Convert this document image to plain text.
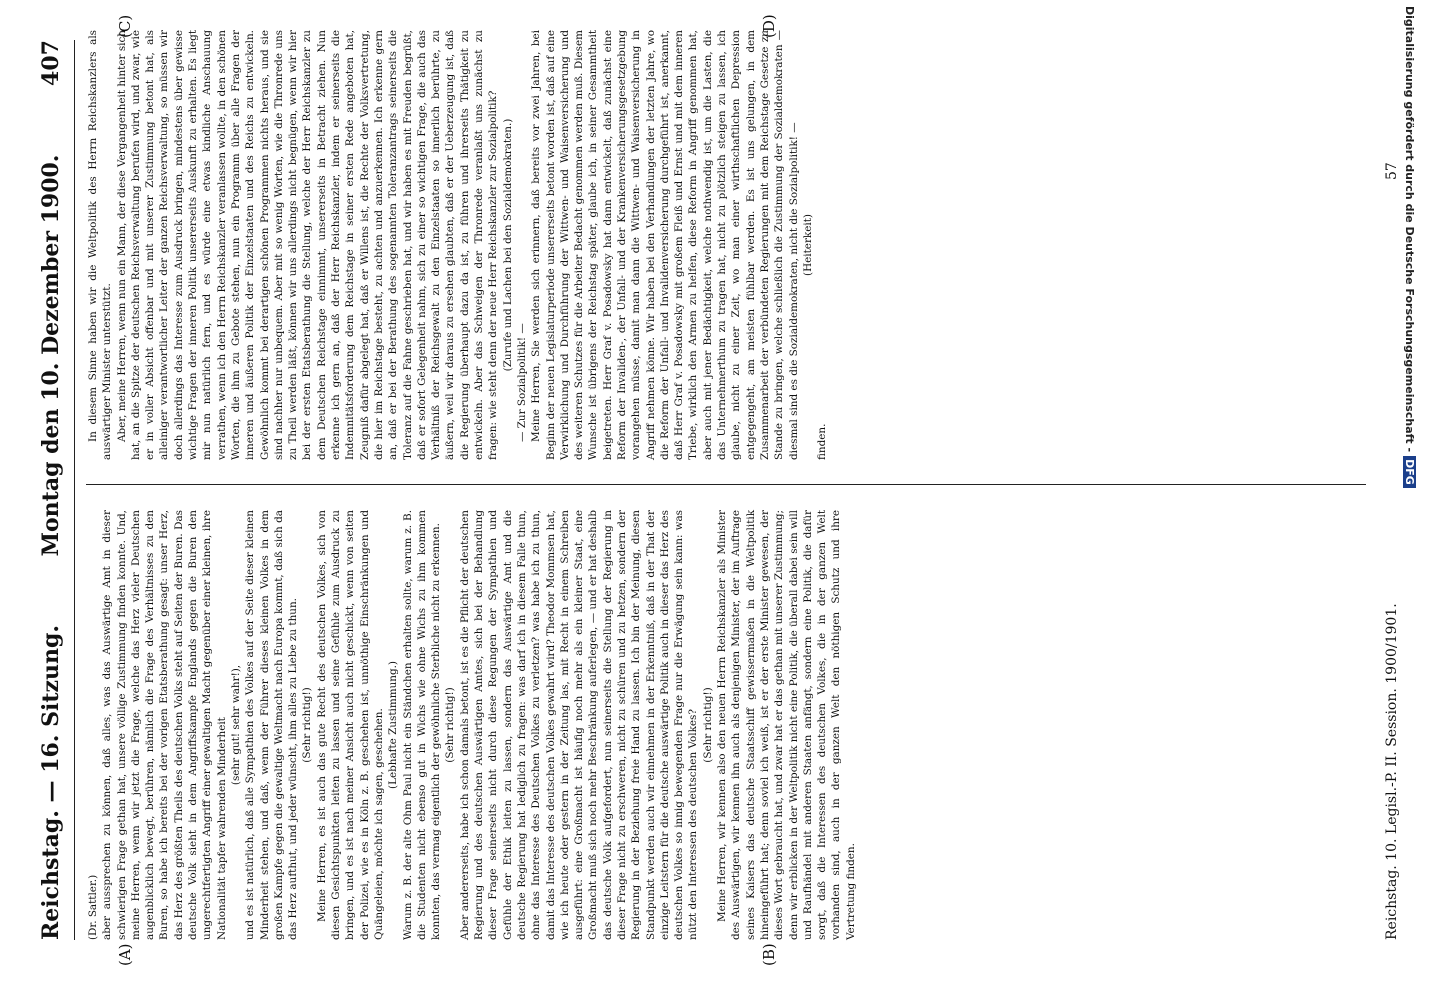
Reichstag. — 16. Sitzung.
Montag den 10. Dezember 1900.
407
(A)	(B)
(C)	(D)

(Dr. Sattler.) aber aussprechen zu können, daß alles, was das Auswärtige Amt in dieser schwierigen Frage gethan hat, unsere völlige Zustimmung finden konnte. Und, meine Herren, wenn wir jetzt die Frage, welche das Herz vieler Deutschen augenblicklich bewegt, berühren, nämlich die Frage des Verhältnisses zu den Buren, so habe ich bereits bei der vorigen Etatsberathung gesagt: unser Herz, das Herz des größten Theils des deutschen Volks steht auf Seiten der Buren. Das deutsche Volk sieht in dem Angriffskampfe Englands gegen die Buren den ungerechtfertigten Angriff einer gewaltigen Macht gegenüber einer kleinen, ihre Nationalität tapfer wahrenden Minderheit (sehr gut! sehr wahr!), und es ist natürlich, daß alle Sympathien des Volkes auf der Seite dieser kleinen Minderheit stehen, und daß, wenn der Führer dieses kleinen Volkes in dem großen Kampfe gegen die gewaltige Weltmacht nach Europa kommt, daß sich da das Herz aufthut, und jeder wünscht, ihm alles zu Liebe zu thun. (Sehr richtig!) Meine Herren, es ist auch das gute Recht des deutschen Volkes, sich von diesen Gesichtspunkten leiten zu lassen und seine Gefühle zum Ausdruck zu bringen, und es ist nach meiner Ansicht auch nicht geschickt, wenn von seiten der Polizei, wie es in Köln z. B. geschehen ist, unnöthige Einschränkungen und Quängeleien, möchte ich sagen, geschehen. (Lebhafte Zustimmung.) Warum z. B. der alte Ohm Paul nicht ein Ständchen erhalten sollte, warum z. B. die Studenten nicht ebenso gut in Wichs wie ohne Wichs zu ihm kommen konnten, das vermag eigentlich der gewöhnliche Sterbliche nicht zu erkennen. (Sehr richtig!) Aber andererseits, habe ich schon damals betont, ist es die Pflicht der deutschen Regierung und des deutschen Auswärtigen Amtes, sich bei der Behandlung dieser Frage seinerseits nicht durch diese Regungen der Sympathien und Gefühle der Ethik leiten zu lassen, sondern das Auswärtige Amt und die deutsche Regierung hat lediglich zu fragen: was darf ich in diesem Falle thun, ohne das Interesse des Deutschen Volkes zu verletzen? was habe ich zu thun, damit das Interesse des deutschen Volkes gewahrt wird? Theodor Mommsen hat, wie ich heute oder gestern in der Zeitung las, mit Recht in einem Schreiben ausgeführt: eine Großmacht ist häufig noch mehr als ein kleiner Staat, eine Großmacht muß sich noch mehr Beschränkung auferlegen, — und er hat deshalb das deutsche Volk aufgefordert, nun seinerseits die Stellung der Regierung in dieser Frage nicht zu erschweren, nicht zu schüren und zu hetzen, sondern der Regierung in der Beziehung freie Hand zu lassen. Ich bin der Meinung, diesen Standpunkt werden auch wir einnehmen in der Erkenntniß, daß in der That der einzige Leitstern für die deutsche auswärtige Politik auch in dieser das Herz des deutschen Volkes so innig bewegenden Frage nur die Erwägung sein kann: was nützt den Interessen des deutschen Volkes? (Sehr richtig!) Meine Herren, wir kennen also den neuen Herrn Reichskanzler als Minister des Auswärtigen, wir kennen ihn auch als denjenigen Minister, der im Auftrage seines Kaisers das deutsche Staatsschiff gewissermaßen in die Weltpolitik hineingeführt hat; denn soviel ich weiß, ist er der erste Minister gewesen, der dieses Wort gebraucht hat, und zwar hat er das gethan mit unserer Zustimmung; denn wir erblicken in der Weltpolitik nicht eine Politik, die überall dabei sein will und Raufhändel mit anderen Staaten anfängt, sondern eine Politik, die dafür sorgt, daß die Interessen des deutschen Volkes, die in der ganzen Welt vorhanden sind, auch in der ganzen Welt den nöthigen Schutz und ihre Vertretung finden.

In diesem Sinne haben wir die Weltpolitik des Herrn Reichskanzlers als auswärtiger Minister unterstützt. Aber, meine Herren, wenn nun ein Mann, der diese Vergangenheit hinter sich hat, an die Spitze der deutschen Reichsverwaltung berufen wird, und zwar, wie er in voller Absicht offenbar und mit unserer Zustimmung betont hat, als alleiniger verantwortlicher Leiter der ganzen Reichsverwaltung, so müssen wir doch allerdings das Interesse zum Ausdruck bringen, mindestens über gewisse wichtige Fragen der inneren Politik unsererseits Auskunft zu erhalten. Es liegt mir nun natürlich fern, und es würde eine etwas kindliche Anschauung verrathen, wenn ich den Herrn Reichskanzler veranlassen wollte, in den schönen Worten, die ihm zu Gebote stehen, nun ein Programm über alle Fragen der inneren und äußeren Politik der Einzelstaaten und des Reichs zu entwickeln. Gewöhnlich kommt bei derartigen schönen Programmen nichts heraus, und sie sind nachher nur unbequem. Aber mit so wenig Worten, wie die Thronrede uns zu Theil werden läßt, können wir uns allerdings nicht begnügen, wenn wir hier bei der ersten Etatsberathung die Stellung, welche der Herr Reichskanzler zu dem Deutschen Reichstage einnimmt, unsererseits in Betracht ziehen. Nun erkenne ich gern an, daß der Herr Reichskanzler, indem er seinerseits die Indemnitätsforderung dem Reichstage in seiner ersten Rede angeboten hat, Zeugniß dafür abgelegt hat, daß er Willens ist, die Rechte der Volksvertretung, die hier im Reichstage besteht, zu achten und anzuerkennen. Ich erkenne gern an, daß er bei der Berathung des sogenannten Toleranzantrags seinerseits die Toleranz auf die Fahne geschrieben hat, und wir haben es mit Freuden begrüßt, daß er sofort Gelegenheit nahm, sich zu einer so wichtigen Frage, die auch das Verhältniß der Reichsgewalt zu den Einzelstaaten so innerlich berührte, zu äußern, weil wir daraus zu ersehen glaubten, daß er der Ueberzeugung ist, daß die Regierung überhaupt dazu da ist, zu führen und ihrerseits Thätigkeit zu entwickeln. Aber das Schweigen der Thronrede veranlaßt uns zunächst zu fragen: wie steht denn der neue Herr Reichskanzler zur Sozialpolitik? (Zurufe und Lachen bei den Sozialdemokraten.)

— Zur Sozialpolitik! — Meine Herren, Sie werden sich erinnern, daß bereits vor zwei Jahren, bei Beginn der neuen Legislaturperiode unsererseits betont worden ist, daß auf eine Verwirklichung und Durchführung der Wittwen- und Waisenversicherung und des weiteren Schutzes für die Arbeiter Bedacht genommen werden muß. Diesem Wunsche ist übrigens der Reichstag später, glaube ich, in seiner Gesammtheit beigetreten. Herr Graf v. Posadowsky hat dann entwickelt, daß zunächst eine Reform der Invaliden-, der Unfall- und der Krankenversicherungsgesetzgebung vorangehen müsse, damit man dann die Wittwen- und Waisenversicherung in Angriff nehmen könne. Wir haben bei den Verhandlungen der letzten Jahre, wo die Reform der Unfall- und Invalidenversicherung durchgeführt ist, anerkannt, daß Herr Graf v. Posadowsky mit großem Fleiß und Ernst und mit dem inneren Triebe, wirklich den Armen zu helfen, diese Reform in Angriff genommen hat, aber auch mit jener Bedächtigkeit, welche nothwendig ist, um die Lasten, die das Unternehmerthum zu tragen hat, nicht zu plötzlich steigen zu lassen, ich glaube, nicht zu einer Zeit, wo man einer wirthschaftlichen Depression entgegengeht, am meisten fühlbar werden. Es ist uns gelungen, in dem Zusammenarbeit der verbündeten Regierungen mit dem Reichstage Gesetze zu Stande zu bringen, welche schließlich die Zustimmung der Sozialdemokraten — diesmal sind es die Sozialdemokraten, nicht die Sozialpolitik! — (Heiterkeit)

finden.

Reichstag. 10. Legisl.-P. II. Session. 1900/1901.
57 Digitalisierung gefördert durch die Deutsche Forschungsgemeinschaft -DFG
